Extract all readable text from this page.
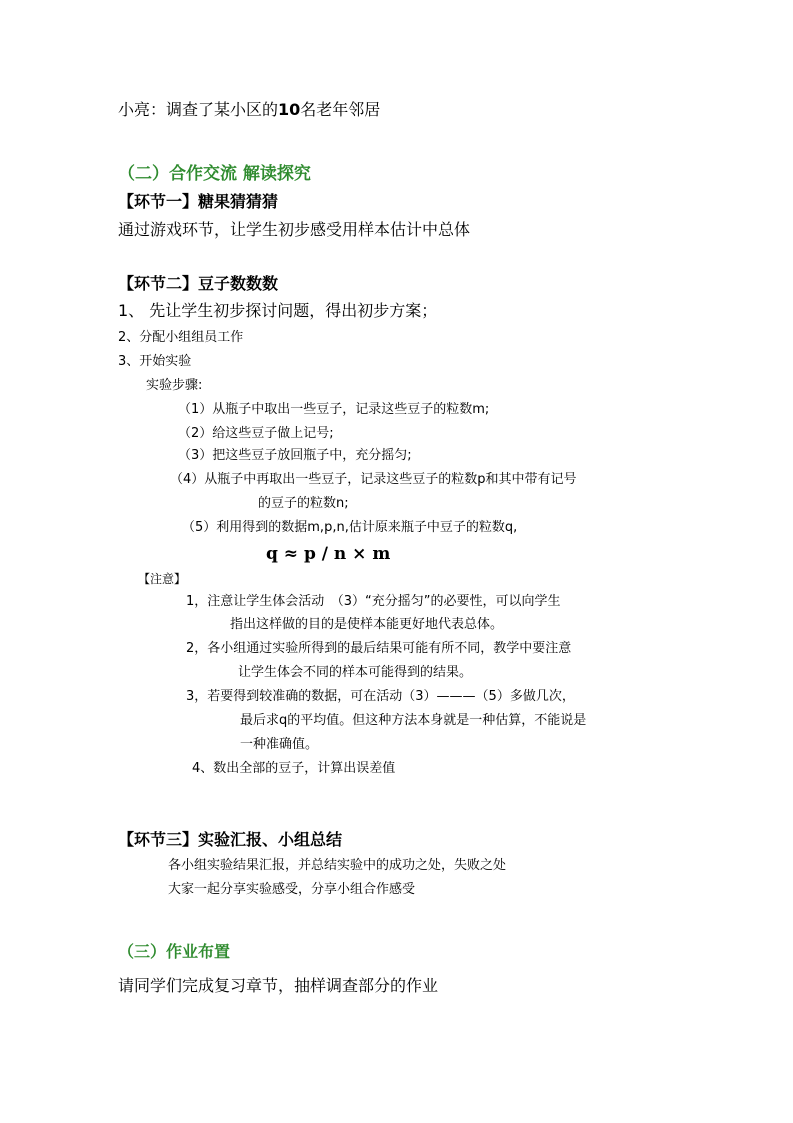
小亮：调查了某小区的10名老年邻居

（二）合作交流 解读探究

【环节一】糖果猜猜猜

通过游戏环节，让学生初步感受用样本估计中总体

【环节二】豆子数数数

1、 先让学生初步探讨问题，得出初步方案；

2、分配小组组员工作

3、开始实验

实验步骤:

（1）从瓶子中取出一些豆子，记录这些豆子的粒数m;

（2）给这些豆子做上记号;

（3）把这些豆子放回瓶子中，充分摇匀;

（4）从瓶子中再取出一些豆子，记录这些豆子的粒数p和其中带有记号

的豆子的粒数n;

（5）利用得到的数据m,p,n,估计原来瓶子中豆子的粒数q,

q ≈ p ∕ n × m

【注意】

1，注意让学生体会活动　（3）“充分摇匀”的必要性，可以向学生

指出这样做的目的是使样本能更好地代表总体。

2，各小组通过实验所得到的最后结果可能有所不同，教学中要注意

让学生体会不同的样本可能得到的结果。

3，若要得到较准确的数据，可在活动（3）———（5）多做几次，

最后求q的平均值。但这种方法本身就是一种估算，不能说是

一种准确值。

4、数出全部的豆子，计算出误差值

【环节三】实验汇报、小组总结

各小组实验结果汇报，并总结实验中的成功之处，失败之处

大家一起分享实验感受，分享小组合作感受

（三）作业布置

请同学们完成复习章节，抽样调查部分的作业
